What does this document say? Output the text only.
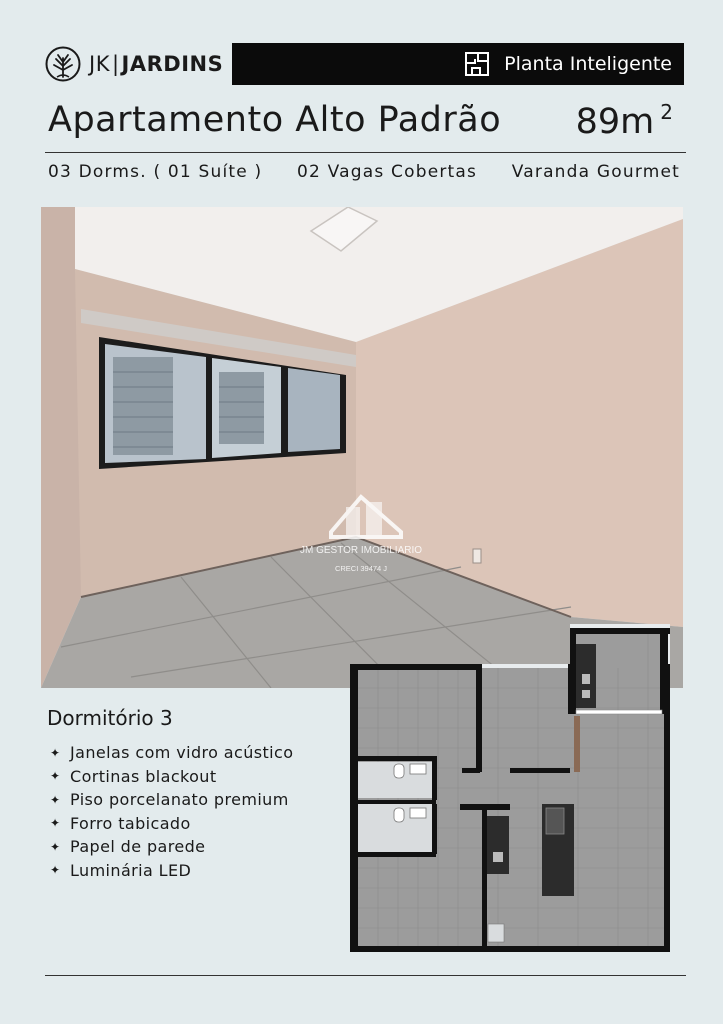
JK|JARDINS	Planta Inteligente
Apartamento Alto Padrão 89m $^2$
03 Dorms. ( 01 Suíte ) 02 Vagas Cobertas Varanda Gourmet
JM GESTOR IMOBILIARIO
CRECI 39474 J
Dormitório 3
✦ Janelas com vidro acústico
✦ Cortinas blackout
✦ Piso porcelanato premium
✦ Forro tabicado
✦ Papel de parede
✦ Luminária LED
